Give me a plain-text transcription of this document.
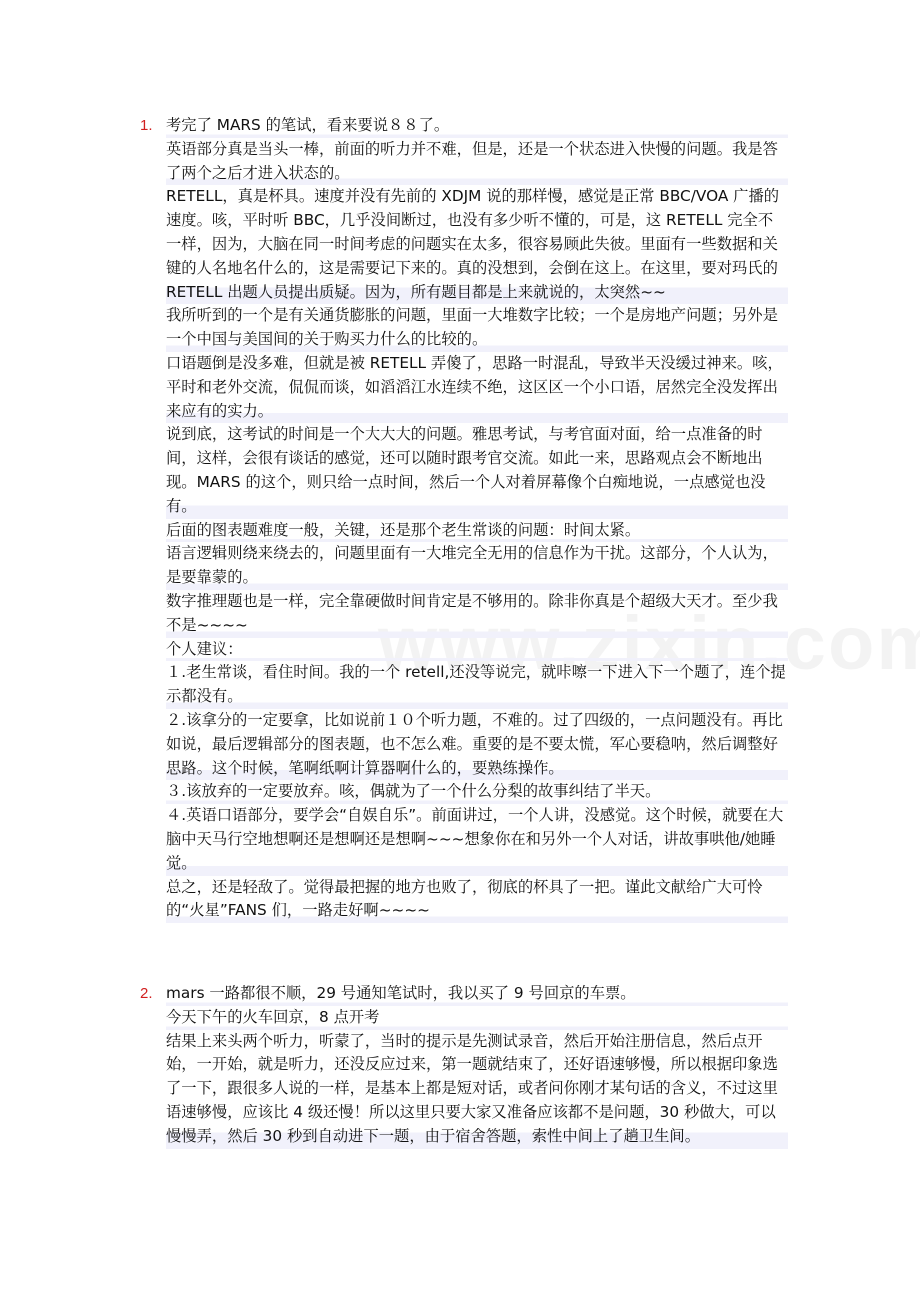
1. 考完了 MARS 的笔试，看来要说８８了。

英语部分真是当头一棒，前面的听力并不难，但是，还是一个状态进入快慢的问题。我是答了两个之后才进入状态的。

RETELL，真是杯具。速度并没有先前的 XDJM 说的那样慢，感觉是正常 BBC/VOA 广播的速度。咳，平时听 BBC，几乎没间断过，也没有多少听不懂的，可是，这 RETELL 完全不一样，因为，大脑在同一时间考虑的问题实在太多，很容易顾此失彼。里面有一些数据和关键的人名地名什么的，这是需要记下来的。真的没想到，会倒在这上。在这里，要对玛氏的 RETELL 出题人员提出质疑。因为，所有题目都是上来就说的，太突然~~

我所听到的一个是有关通货膨胀的问题，里面一大堆数字比较；一个是房地产问题；另外是一个中国与美国间的关于购买力什么的比较的。

口语题倒是没多难，但就是被 RETELL 弄傻了，思路一时混乱，导致半天没缓过神来。咳，平时和老外交流，侃侃而谈，如滔滔江水连续不绝，这区区一个小口语，居然完全没发挥出来应有的实力。

说到底，这考试的时间是一个大大大的问题。雅思考试，与考官面对面，给一点准备的时间，这样，会很有谈话的感觉，还可以随时跟考官交流。如此一来，思路观点会不断地出现。MARS 的这个，则只给一点时间，然后一个人对着屏幕像个白痴地说，一点感觉也没有。

后面的图表题难度一般，关键，还是那个老生常谈的问题：时间太紧。

语言逻辑则绕来绕去的，问题里面有一大堆完全无用的信息作为干扰。这部分，个人认为，是要靠蒙的。

数字推理题也是一样，完全靠硬做时间肯定是不够用的。除非你真是个超级大天才。至少我不是~~~~

个人建议：

１.老生常谈，看住时间。我的一个 retell,还没等说完，就咔嚓一下进入下一个题了，连个提示都没有。

２.该拿分的一定要拿，比如说前１０个听力题，不难的。过了四级的，一点问题没有。再比如说，最后逻辑部分的图表题，也不怎么难。重要的是不要太慌，军心要稳呐，然后调整好思路。这个时候，笔啊纸啊计算器啊什么的，要熟练操作。

３.该放弃的一定要放弃。咳，偶就为了一个什么分梨的故事纠结了半天。

４.英语口语部分，要学会“自娱自乐”。前面讲过，一个人讲，没感觉。这个时候，就要在大脑中天马行空地想啊还是想啊还是想啊~~~想象你在和另外一个人对话，讲故事哄他/她睡觉。

总之，还是轻敌了。觉得最把握的地方也败了，彻底的杯具了一把。谨此文献给广大可怜的“火星”FANS 们，一路走好啊~~~~

2. mars 一路都很不顺，29 号通知笔试时，我以买了 9 号回京的车票。

今天下午的火车回京，8 点开考

结果上来头两个听力，听蒙了，当时的提示是先测试录音，然后开始注册信息，然后点开始，一开始，就是听力，还没反应过来，第一题就结束了，还好语速够慢，所以根据印象选了一下，跟很多人说的一样，是基本上都是短对话，或者问你刚才某句话的含义，不过这里语速够慢，应该比 4 级还慢！所以这里只要大家又准备应该都不是问题，30 秒做大，可以慢慢弄，然后 30 秒到自动进下一题，由于宿舍答题，索性中间上了趟卫生间。
